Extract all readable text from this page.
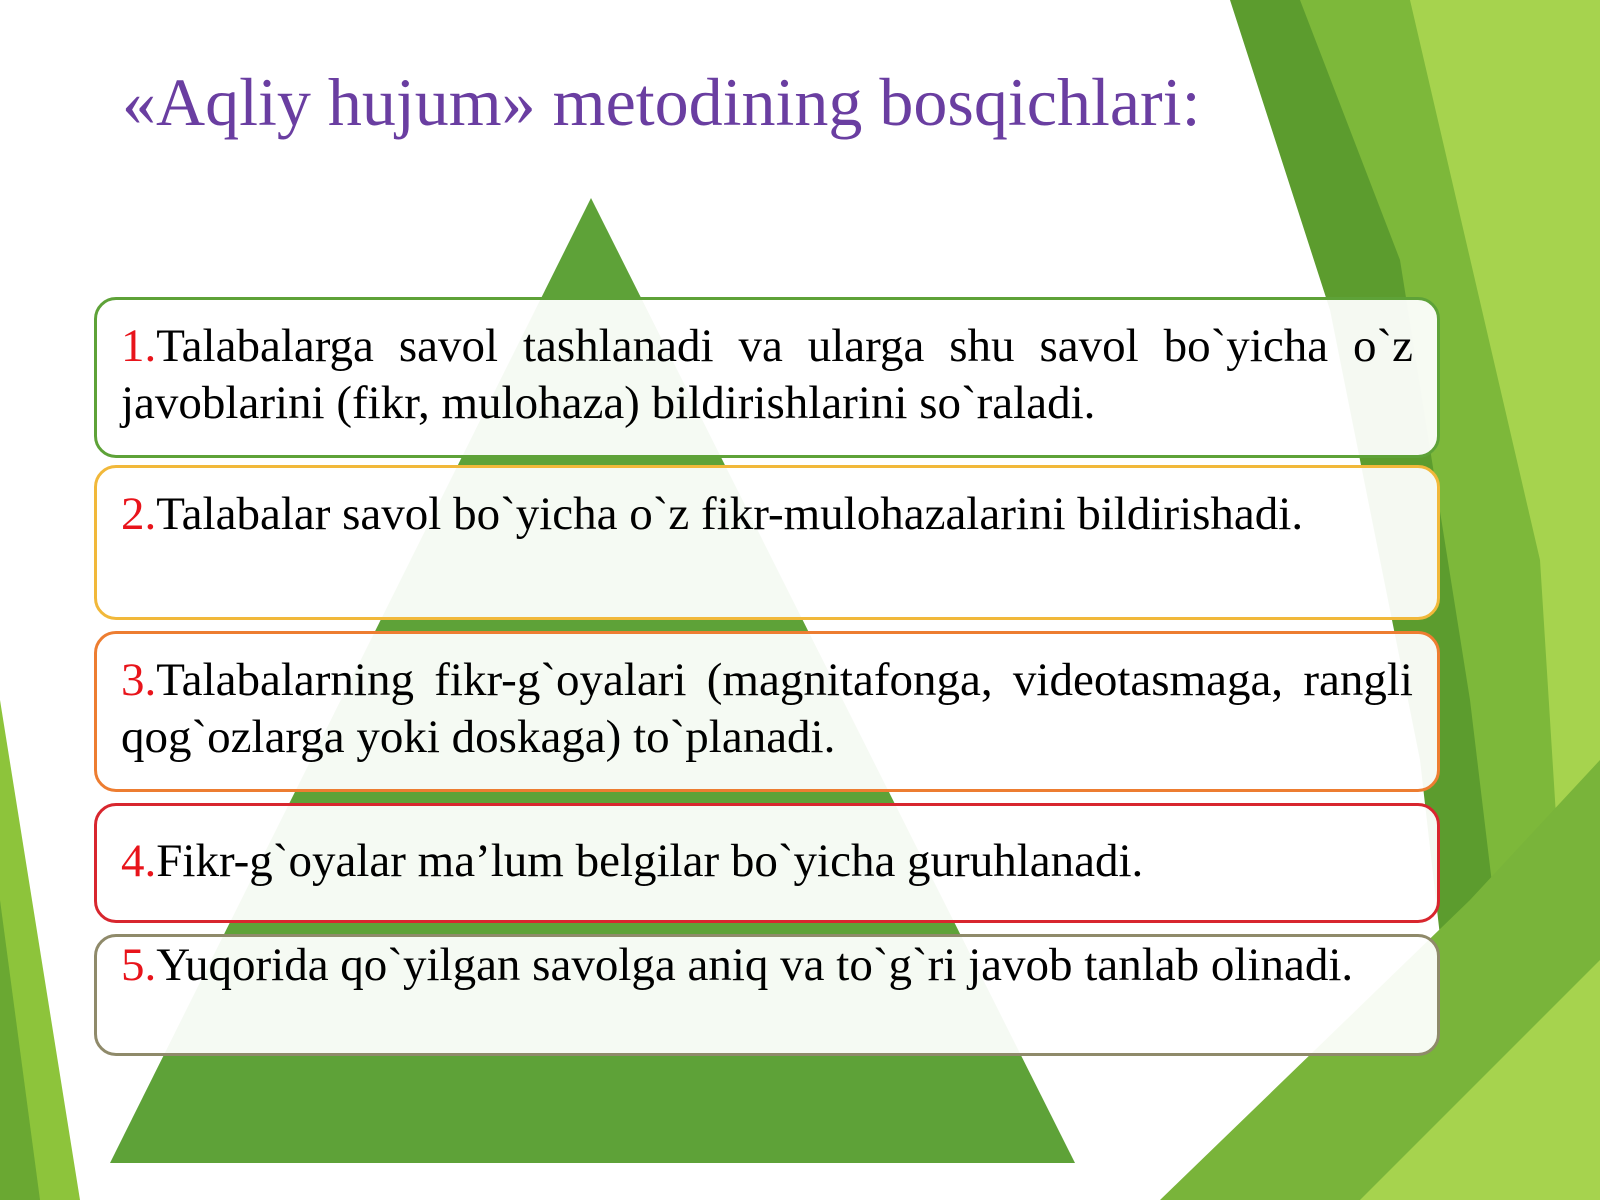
«Aqliy hujum» metodining bosqichlari:

1.Talabalarga savol tashlanadi va ularga shu savol bo`yicha o`z javoblarini (fikr, mulohaza) bildirishlarini so`raladi.

2.Talabalar savol bo`yicha o`z fikr-mulohazalarini bildirishadi.

3.Talabalarning fikr-g`oyalari (magnitafonga, videotasmaga, rangli qog`ozlarga yoki doskaga) to`planadi.

4.Fikr-g`oyalar ma’lum belgilar bo`yicha guruhlanadi.

5.Yuqorida qo`yilgan savolga aniq va to`g`ri javob tanlab olinadi.
